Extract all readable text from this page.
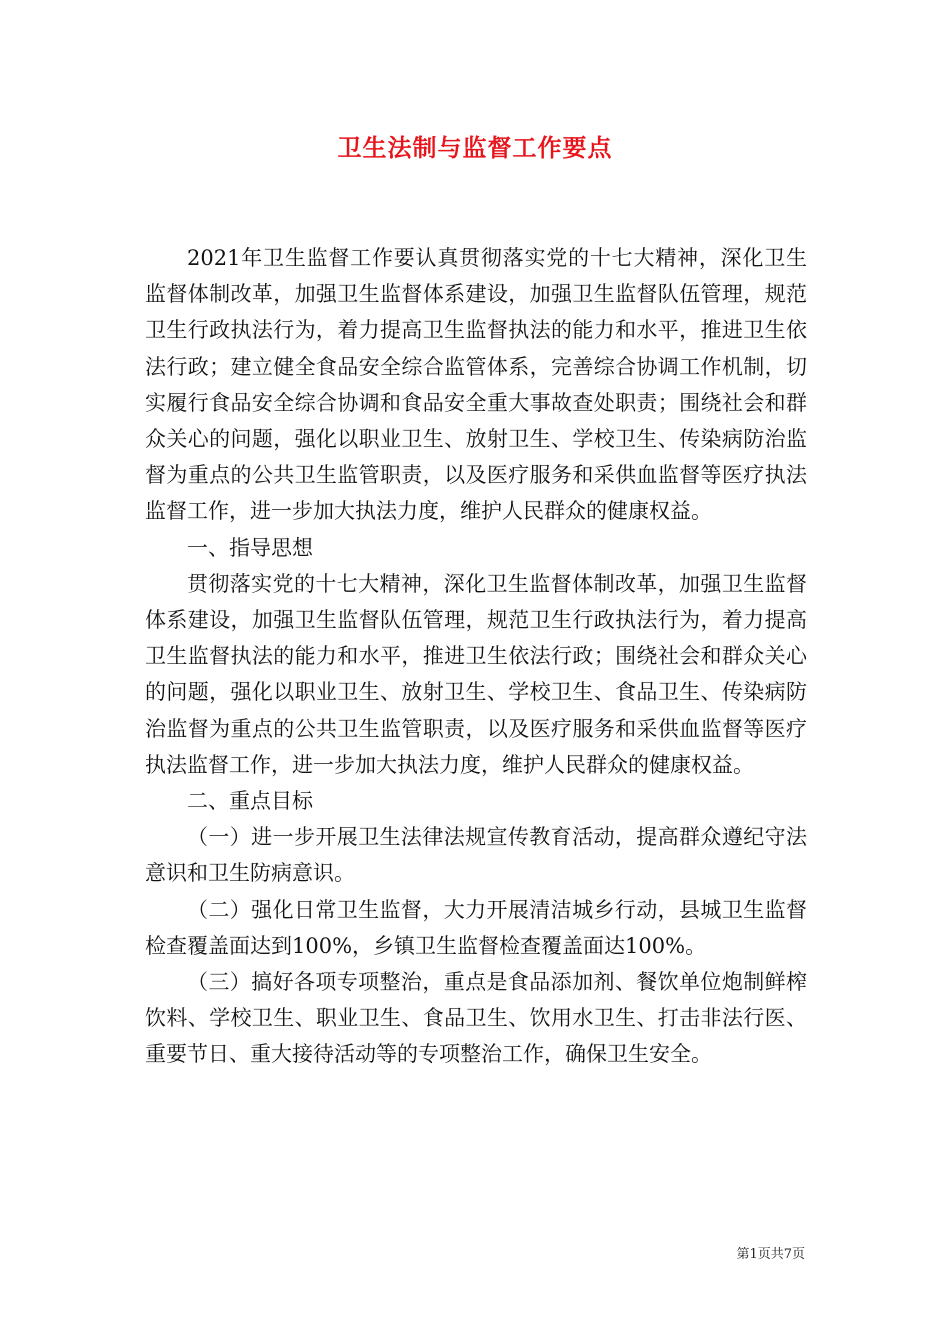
卫生法制与监督工作要点

2021年卫生监督工作要认真贯彻落实党的十七大精神，深化卫生监督体制改革，加强卫生监督体系建设，加强卫生监督队伍管理，规范卫生行政执法行为，着力提高卫生监督执法的能力和水平，推进卫生依法行政；建立健全食品安全综合监管体系，完善综合协调工作机制，切实履行食品安全综合协调和食品安全重大事故查处职责；围绕社会和群众关心的问题，强化以职业卫生、放射卫生、学校卫生、传染病防治监督为重点的公共卫生监管职责，以及医疗服务和采供血监督等医疗执法监督工作，进一步加大执法力度，维护人民群众的健康权益。

一、指导思想

贯彻落实党的十七大精神，深化卫生监督体制改革，加强卫生监督体系建设，加强卫生监督队伍管理，规范卫生行政执法行为，着力提高卫生监督执法的能力和水平，推进卫生依法行政；围绕社会和群众关心的问题，强化以职业卫生、放射卫生、学校卫生、食品卫生、传染病防治监督为重点的公共卫生监管职责，以及医疗服务和采供血监督等医疗执法监督工作，进一步加大执法力度，维护人民群众的健康权益。

二、重点目标

（一）进一步开展卫生法律法规宣传教育活动，提高群众遵纪守法意识和卫生防病意识。

（二）强化日常卫生监督，大力开展清洁城乡行动，县城卫生监督检查覆盖面达到100%，乡镇卫生监督检查覆盖面达100%。

（三）搞好各项专项整治，重点是食品添加剂、餐饮单位炮制鲜榨饮料、学校卫生、职业卫生、食品卫生、饮用水卫生、打击非法行医、重要节日、重大接待活动等的专项整治工作，确保卫生安全。

第1页共7页
